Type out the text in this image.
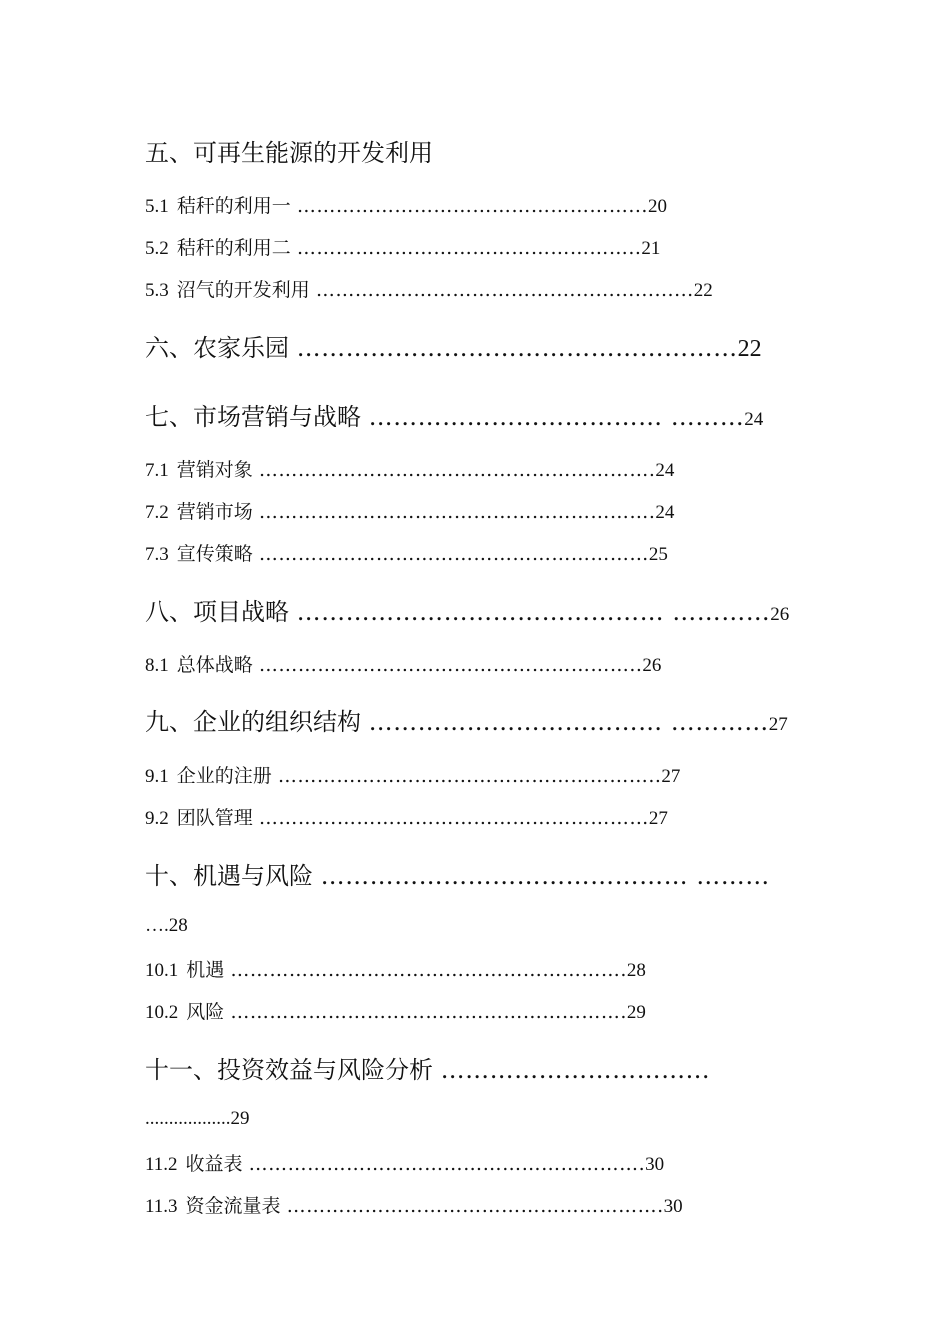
五、可再生能源的开发利用
5.1 秸秆的利用一 ……………………………………………...20
5.2 秸秆的利用二 ……………………………………………..21
5.3 沼气的开发利用 ………………………………......................22
六、农家乐园 ………………………………………………22
七、市场营销与战略 ……………………………… ………24
7.1 营销对象 …………………………………………………….24
7.2 营销市场 …………………………………………………….24
7.3 宣传策略 ……………………………………………………25
八、项目战略 ……………………………………… …………26
8.1 总体战略 …………………………………………………..26
九、企业的组织结构 ……………………………… …………27
9.1 企业的注册 …………………………………………………..27
9.2 团队管理 ……………………………………………………27
十、机遇与风险 ……………………………………… ………
….28
10.1 机遇 …………………………………………………….28
10.2 风险 …………………………………………………….29
十一、投资效益与风险分析 …………………………...
..................29
11.2 收益表 …………………………………………………….30
11.3 资金流量表 ………………………………………………….30
